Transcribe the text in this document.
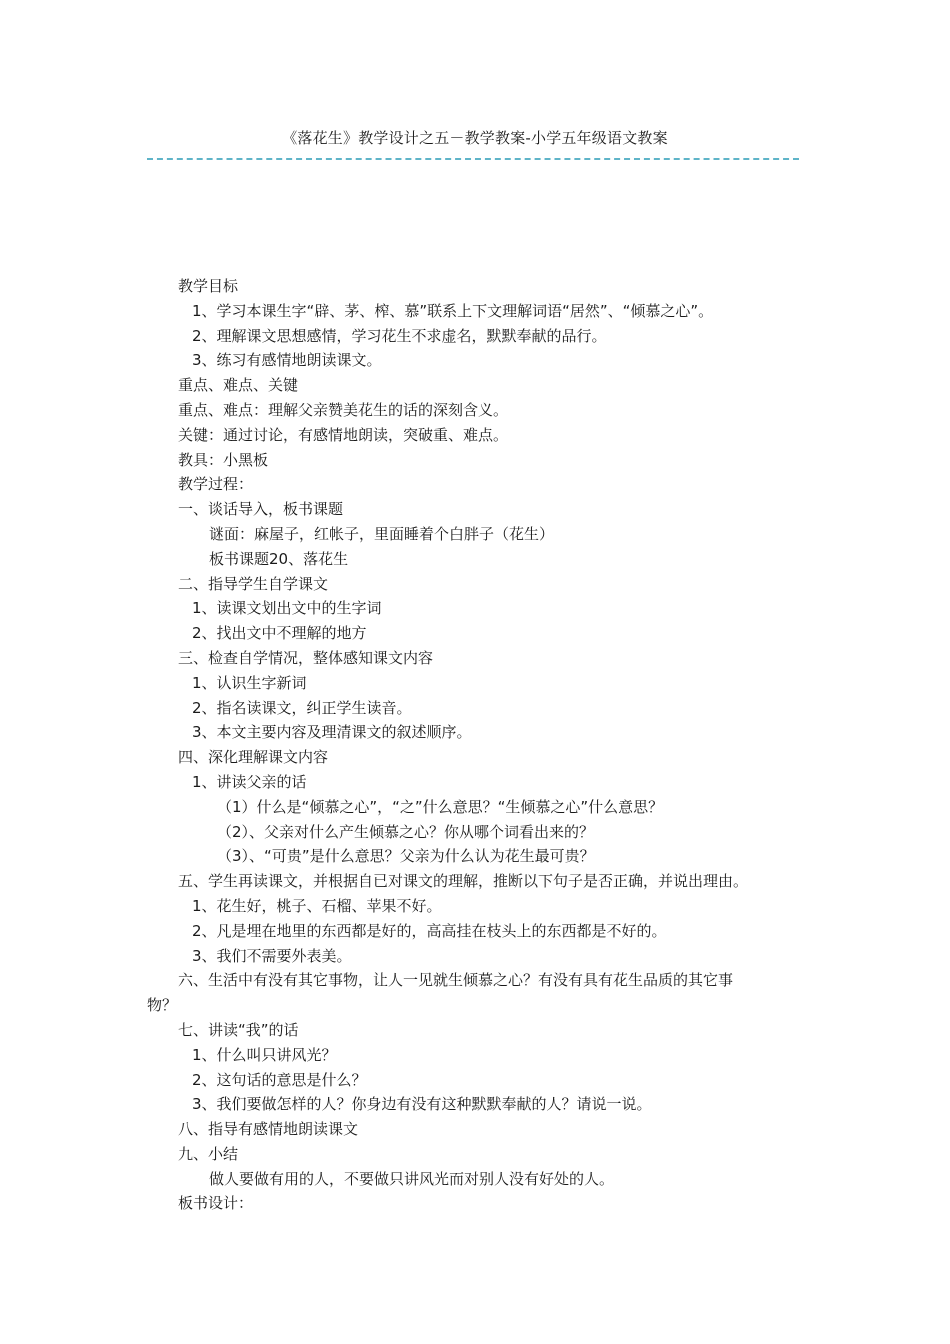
《落花生》教学设计之五－教学教案-小学五年级语文教案
教学目标
1、学习本课生字“辟、茅、榨、慕”联系上下文理解词语“居然”、“倾慕之心”。
2、理解课文思想感情，学习花生不求虚名，默默奉献的品行。
3、练习有感情地朗读课文。
重点、难点、关键
重点、难点：理解父亲赞美花生的话的深刻含义。
关键：通过讨论，有感情地朗读，突破重、难点。
教具：小黑板
教学过程：
一、谈话导入，板书课题
谜面：麻屋子，红帐子，里面睡着个白胖子（花生）
板书课题20、落花生
二、指导学生自学课文
1、读课文划出文中的生字词
2、找出文中不理解的地方
三、检查自学情况，整体感知课文内容
1、认识生字新词
2、指名读课文，纠正学生读音。
3、本文主要内容及理清课文的叙述顺序。
四、深化理解课文内容
1、讲读父亲的话
（1）什么是“倾慕之心”，“之”什么意思？“生倾慕之心”什么意思？
（2）、父亲对什么产生倾慕之心？你从哪个词看出来的？
（3）、“可贵”是什么意思？父亲为什么认为花生最可贵？
五、学生再读课文，并根据自已对课文的理解，推断以下句子是否正确，并说出理由。
1、花生好，桃子、石榴、苹果不好。
2、凡是埋在地里的东西都是好的，高高挂在枝头上的东西都是不好的。
3、我们不需要外表美。
六、生活中有没有其它事物，让人一见就生倾慕之心？有没有具有花生品质的其它事
物？
七、讲读“我”的话
1、什么叫只讲风光？
2、这句话的意思是什么？
3、我们要做怎样的人？你身边有没有这种默默奉献的人？请说一说。
八、指导有感情地朗读课文
九、小结
做人要做有用的人，不要做只讲风光而对别人没有好处的人。
板书设计：
